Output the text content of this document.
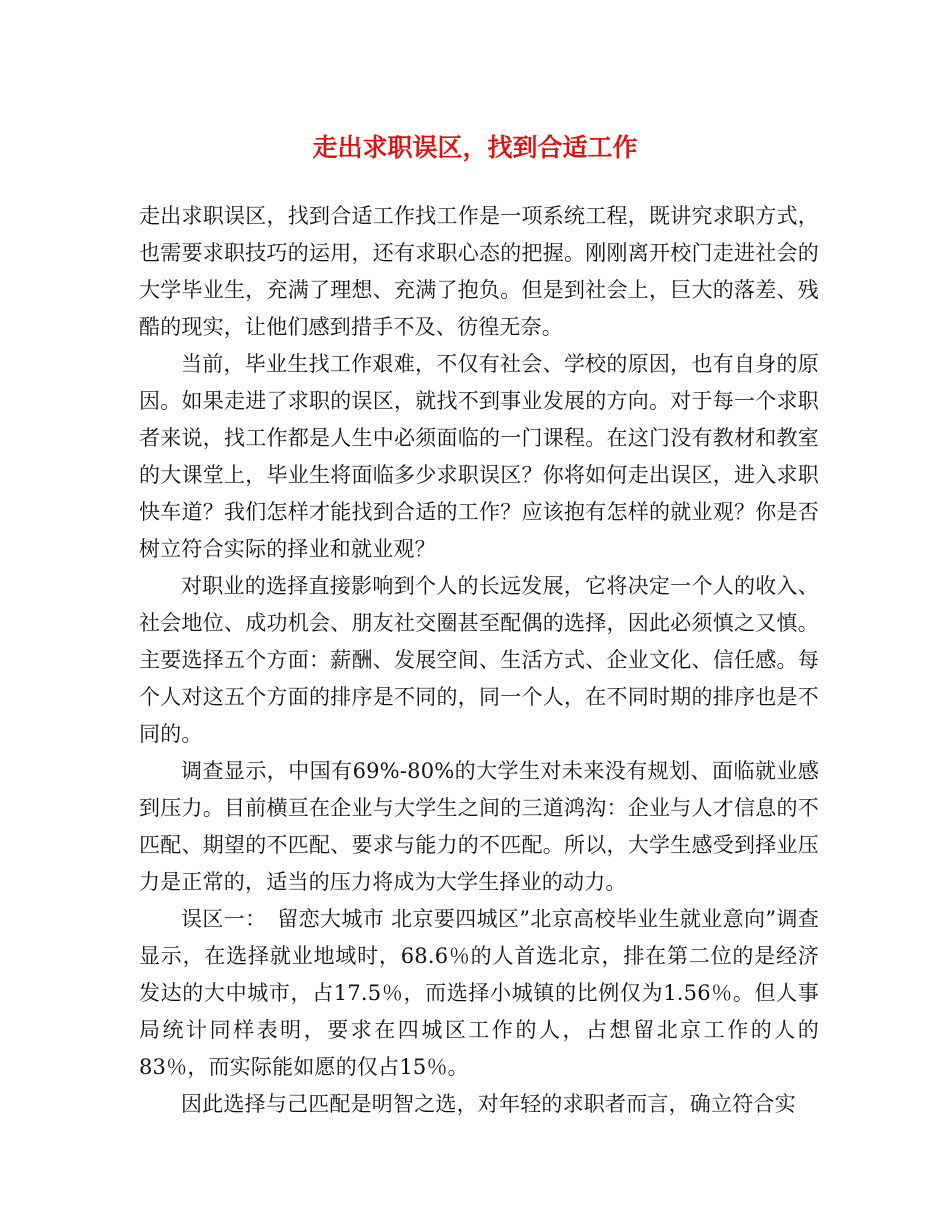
走出求职误区，找到合适工作

走出求职误区，找到合适工作找工作是一项系统工程，既讲究求职方式，也需要求职技巧的运用，还有求职心态的把握。刚刚离开校门走进社会的大学毕业生，充满了理想、充满了抱负。但是到社会上，巨大的落差、残酷的现实，让他们感到措手不及、彷徨无奈。

当前，毕业生找工作艰难，不仅有社会、学校的原因，也有自身的原因。如果走进了求职的误区，就找不到事业发展的方向。对于每一个求职者来说，找工作都是人生中必须面临的一门课程。在这门没有教材和教室的大课堂上，毕业生将面临多少求职误区？你将如何走出误区，进入求职快车道？我们怎样才能找到合适的工作？应该抱有怎样的就业观？你是否树立符合实际的择业和就业观？

对职业的选择直接影响到个人的长远发展，它将决定一个人的收入、社会地位、成功机会、朋友社交圈甚至配偶的选择，因此必须慎之又慎。主要选择五个方面：薪酬、发展空间、生活方式、企业文化、信任感。每个人对这五个方面的排序是不同的，同一个人，在不同时期的排序也是不同的。

调查显示，中国有69%-80%的大学生对未来没有规划、面临就业感到压力。目前横亘在企业与大学生之间的三道鸿沟：企业与人才信息的不匹配、期望的不匹配、要求与能力的不匹配。所以，大学生感受到择业压力是正常的，适当的压力将成为大学生择业的动力。

误区一：　留恋大城市 北京要四城区”北京高校毕业生就业意向”调查显示，在选择就业地域时，68.6％的人首选北京，排在第二位的是经济发达的大中城市，占17.5％，而选择小城镇的比例仅为1.56％。但人事局统计同样表明，要求在四城区工作的人，占想留北京工作的人的83％，而实际能如愿的仅占15％。

因此选择与己匹配是明智之选，对年轻的求职者而言，确立符合实
